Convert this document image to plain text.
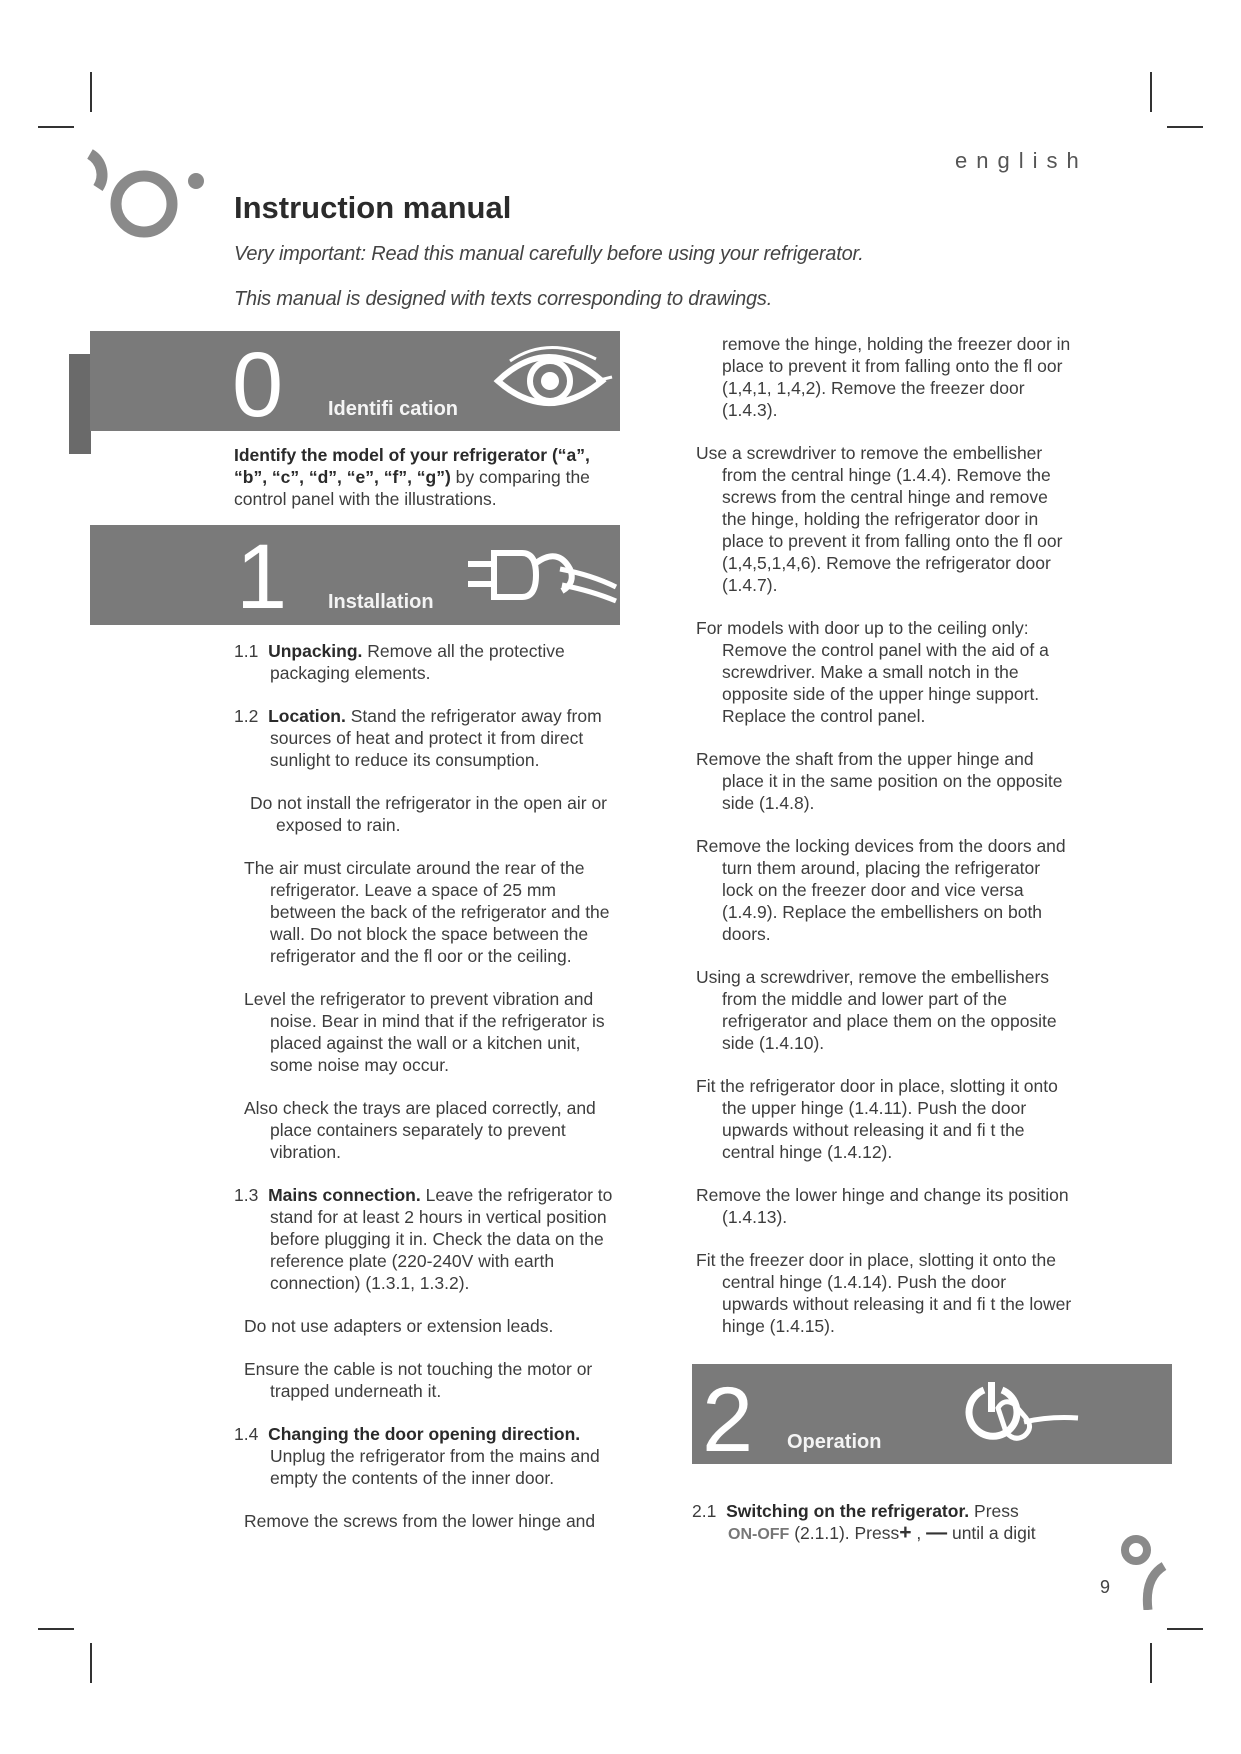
english
Instruction manual

Very important: Read this manual carefully before using your refrigerator.

This manual is designed with texts corresponding to drawings.

0 Identifi cation

Identify the model of your refrigerator (“a”, “b”, “c”, “d”, “e”, “f”, “g”) by comparing the control panel with the illustrations.

1 Installation

1.1 Unpacking. Remove all the protective packaging elements.

1.2 Location. Stand the refrigerator away from sources of heat and protect it from direct sunlight to reduce its consumption.

Do not install the refrigerator in the open air or exposed to rain.

The air must circulate around the rear of the refrigerator. Leave a space of 25 mm between the back of the refrigerator and the wall. Do not block the space between the refrigerator and the fl oor or the ceiling.

Level the refrigerator to prevent vibration and noise. Bear in mind that if the refrigerator is placed against the wall or a kitchen unit, some noise may occur.

Also check the trays are placed correctly, and place containers separately to prevent vibration.

1.3 Mains connection. Leave the refrigerator to stand for at least 2 hours in vertical position before plugging it in. Check the data on the reference plate (220-240V with earth connection) (1.3.1, 1.3.2).

Do not use adapters or extension leads.

Ensure the cable is not touching the motor or trapped underneath it.

1.4 Changing the door opening direction.
Unplug the refrigerator from the mains and empty the contents of the inner door.

Remove the screws from the lower hinge and

remove the hinge, holding the freezer door in place to prevent it from falling onto the fl oor (1,4,1, 1,4,2). Remove the freezer door (1.4.3).

Use a screwdriver to remove the embellisher from the central hinge (1.4.4). Remove the screws from the central hinge and remove the hinge, holding the refrigerator door in place to prevent it from falling onto the fl oor (1,4,5,1,4,6). Remove the refrigerator door (1.4.7).

For models with door up to the ceiling only:
Remove the control panel with the aid of a screwdriver. Make a small notch in the opposite side of the upper hinge support. Replace the control panel.

Remove the shaft from the upper hinge and place it in the same position on the opposite side (1.4.8).

Remove the locking devices from the doors and turn them around, placing the refrigerator lock on the freezer door and vice versa (1.4.9). Replace the embellishers on both doors.

Using a screwdriver, remove the embellishers from the middle and lower part of the refrigerator and place them on the opposite side (1.4.10).

Fit the refrigerator door in place, slotting it onto the upper hinge (1.4.11). Push the door upwards without releasing it and fi t the central hinge (1.4.12).

Remove the lower hinge and change its position (1.4.13).

Fit the freezer door in place, slotting it onto the central hinge (1.4.14). Push the door upwards without releasing it and fi t the lower hinge (1.4.15).

2 Operation

2.1 Switching on the refrigerator. Press
ON-OFF (2.1.1). Press+ , — until a digit

9
